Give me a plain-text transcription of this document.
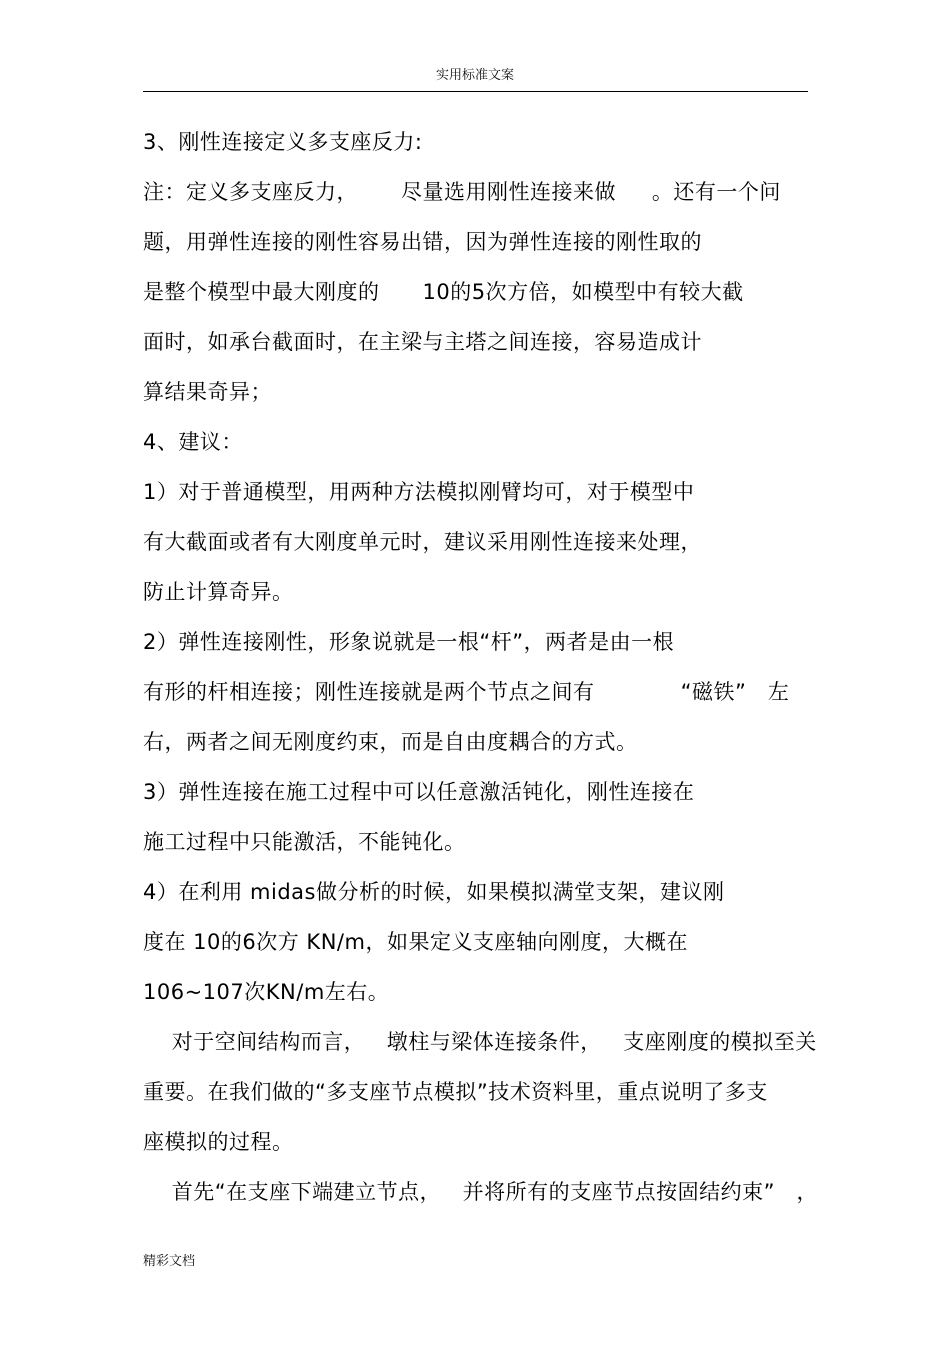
实用标准文案
3、刚性连接定义多支座反力:
注：定义多支座反力，      尽量选用刚性连接来做     。还有一个问
题，用弹性连接的刚性容易出错，因为弹性连接的刚性取的
是整个模型中最大刚度的      10的5次方倍，如模型中有较大截
面时，如承台截面时，在主梁与主塔之间连接，容易造成计
算结果奇异；
4、建议：
1）对于普通模型，用两种方法模拟刚臂均可，对于模型中
有大截面或者有大刚度单元时，建议采用刚性连接来处理，
防止计算奇异。
2）弹性连接刚性，形象说就是一根“杆”，两者是由一根
有形的杆相连接；刚性连接就是两个节点之间有            “磁铁”   左
右，两者之间无刚度约束，而是自由度耦合的方式。
3）弹性连接在施工过程中可以任意激活钝化，刚性连接在
施工过程中只能激活，不能钝化。
4）在利用 midas做分析的时候，如果模拟满堂支架，建议刚
度在 10的6次方 KN/m，如果定义支座轴向刚度，大概在
106~107次KN/m左右。
对于空间结构而言，   墩柱与梁体连接条件，   支座刚度的模拟至关
重要。在我们做的“多支座节点模拟”技术资料里，重点说明了多支
座模拟的过程。
首先“在支座下端建立节点，   并将所有的支座节点按固结约束”   ，
精彩文档
